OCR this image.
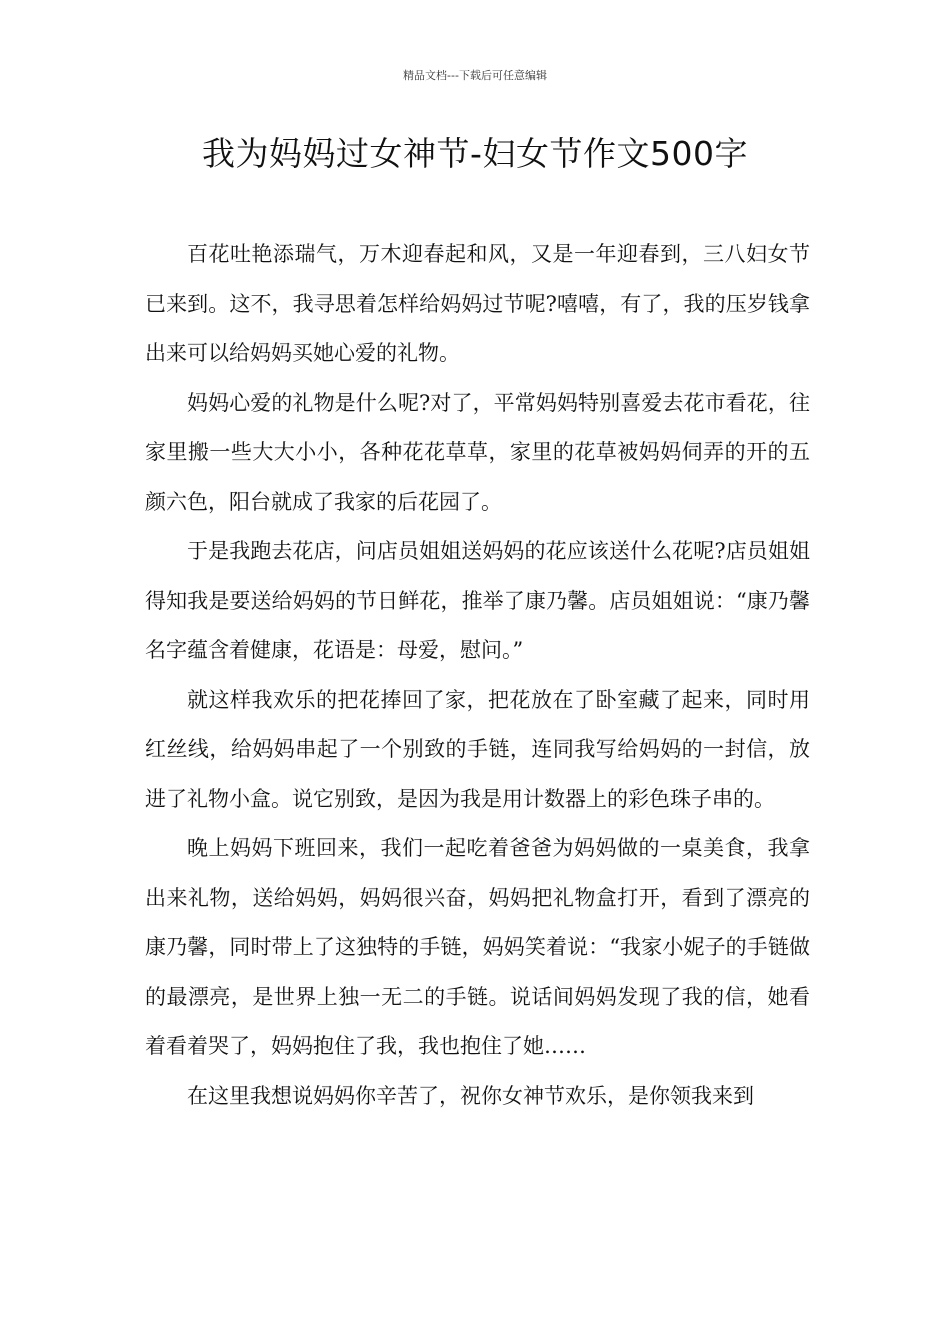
精品文档---下载后可任意编辑
我为妈妈过女神节-妇女节作文500字

百花吐艳添瑞气，万木迎春起和风，又是一年迎春到，三八妇女节已来到。这不，我寻思着怎样给妈妈过节呢?嘻嘻，有了，我的压岁钱拿出来可以给妈妈买她心爱的礼物。

妈妈心爱的礼物是什么呢?对了，平常妈妈特别喜爱去花市看花，往家里搬一些大大小小，各种花花草草，家里的花草被妈妈伺弄的开的五颜六色，阳台就成了我家的后花园了。

于是我跑去花店，问店员姐姐送妈妈的花应该送什么花呢?店员姐姐得知我是要送给妈妈的节日鲜花，推举了康乃馨。店员姐姐说：“康乃馨名字蕴含着健康，花语是：母爱，慰问。”

就这样我欢乐的把花捧回了家，把花放在了卧室藏了起来，同时用红丝线，给妈妈串起了一个别致的手链，连同我写给妈妈的一封信，放进了礼物小盒。说它别致，是因为我是用计数器上的彩色珠子串的。

晚上妈妈下班回来，我们一起吃着爸爸为妈妈做的一桌美食，我拿出来礼物，送给妈妈，妈妈很兴奋，妈妈把礼物盒打开，看到了漂亮的康乃馨，同时带上了这独特的手链，妈妈笑着说：“我家小妮子的手链做的最漂亮，是世界上独一无二的手链。说话间妈妈发现了我的信，她看着看着哭了，妈妈抱住了我，我也抱住了她……

在这里我想说妈妈你辛苦了，祝你女神节欢乐，是你领我来到
